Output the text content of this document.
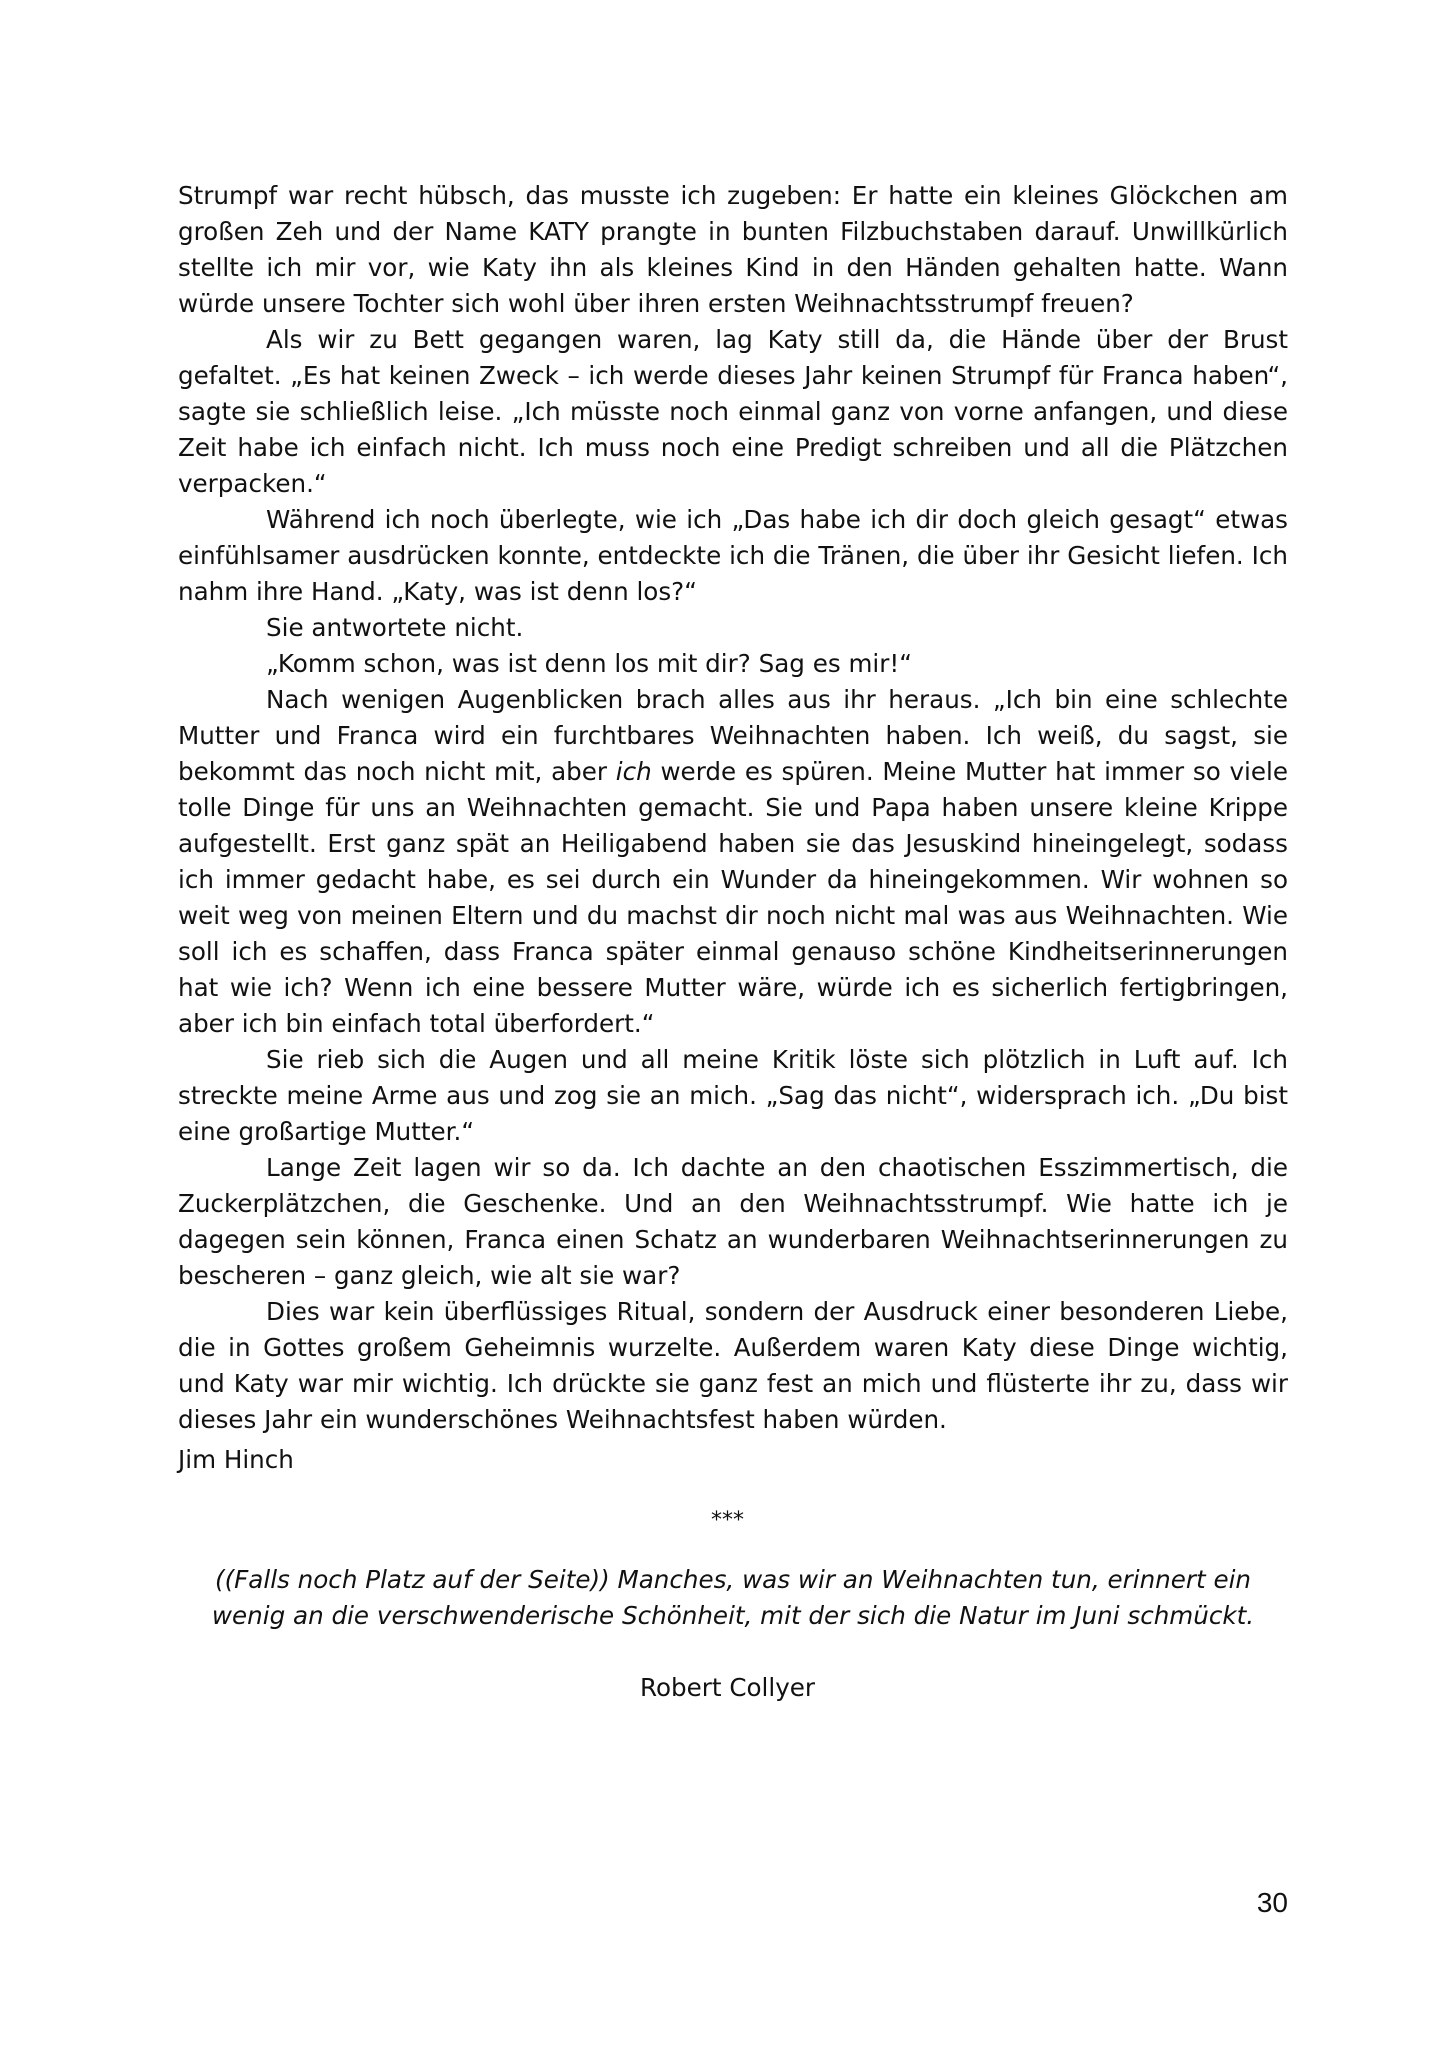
Strumpf war recht hübsch, das musste ich zugeben: Er hatte ein kleines Glöckchen am großen Zeh und der Name KATY prangte in bunten Filzbuchstaben darauf. Unwillkürlich stellte ich mir vor, wie Katy ihn als kleines Kind in den Händen gehalten hatte. Wann würde unsere Tochter sich wohl über ihren ersten Weihnachtsstrumpf freuen?

Als wir zu Bett gegangen waren, lag Katy still da, die Hände über der Brust gefaltet. „Es hat keinen Zweck – ich werde dieses Jahr keinen Strumpf für Franca haben“, sagte sie schließlich leise. „Ich müsste noch einmal ganz von vorne anfangen, und diese Zeit habe ich einfach nicht. Ich muss noch eine Predigt schreiben und all die Plätzchen verpacken.“

Während ich noch überlegte, wie ich „Das habe ich dir doch gleich gesagt“ etwas einfühlsamer ausdrücken konnte, entdeckte ich die Tränen, die über ihr Gesicht liefen. Ich nahm ihre Hand. „Katy, was ist denn los?“

Sie antwortete nicht.

„Komm schon, was ist denn los mit dir? Sag es mir!“

Nach wenigen Augenblicken brach alles aus ihr heraus. „Ich bin eine schlechte Mutter und Franca wird ein furchtbares Weihnachten haben. Ich weiß, du sagst, sie bekommt das noch nicht mit, aber ich werde es spüren. Meine Mutter hat immer so viele tolle Dinge für uns an Weihnachten gemacht. Sie und Papa haben unsere kleine Krippe aufgestellt. Erst ganz spät an Heiligabend haben sie das Jesuskind hineingelegt, sodass ich immer gedacht habe, es sei durch ein Wunder da hineingekommen. Wir wohnen so weit weg von meinen Eltern und du machst dir noch nicht mal was aus Weihnachten. Wie soll ich es schaffen, dass Franca später einmal genauso schöne Kindheitserinnerungen hat wie ich? Wenn ich eine bessere Mutter wäre, würde ich es sicherlich fertigbringen, aber ich bin einfach total überfordert.“

Sie rieb sich die Augen und all meine Kritik löste sich plötzlich in Luft auf. Ich streckte meine Arme aus und zog sie an mich. „Sag das nicht“, widersprach ich. „Du bist eine großartige Mutter.“

Lange Zeit lagen wir so da. Ich dachte an den chaotischen Esszimmertisch, die Zuckerplätzchen, die Geschenke. Und an den Weihnachtsstrumpf. Wie hatte ich je dagegen sein können, Franca einen Schatz an wunderbaren Weihnachtserinnerungen zu bescheren – ganz gleich, wie alt sie war?

Dies war kein überflüssiges Ritual, sondern der Ausdruck einer besonderen Liebe, die in Gottes großem Geheimnis wurzelte. Außerdem waren Katy diese Dinge wichtig, und Katy war mir wichtig. Ich drückte sie ganz fest an mich und flüsterte ihr zu, dass wir dieses Jahr ein wunderschönes Weihnachtsfest haben würden.

Jim Hinch
***
((Falls noch Platz auf der Seite)) Manches, was wir an Weihnachten tun, erinnert ein wenig an die verschwenderische Schönheit, mit der sich die Natur im Juni schmückt.
Robert Collyer
30
